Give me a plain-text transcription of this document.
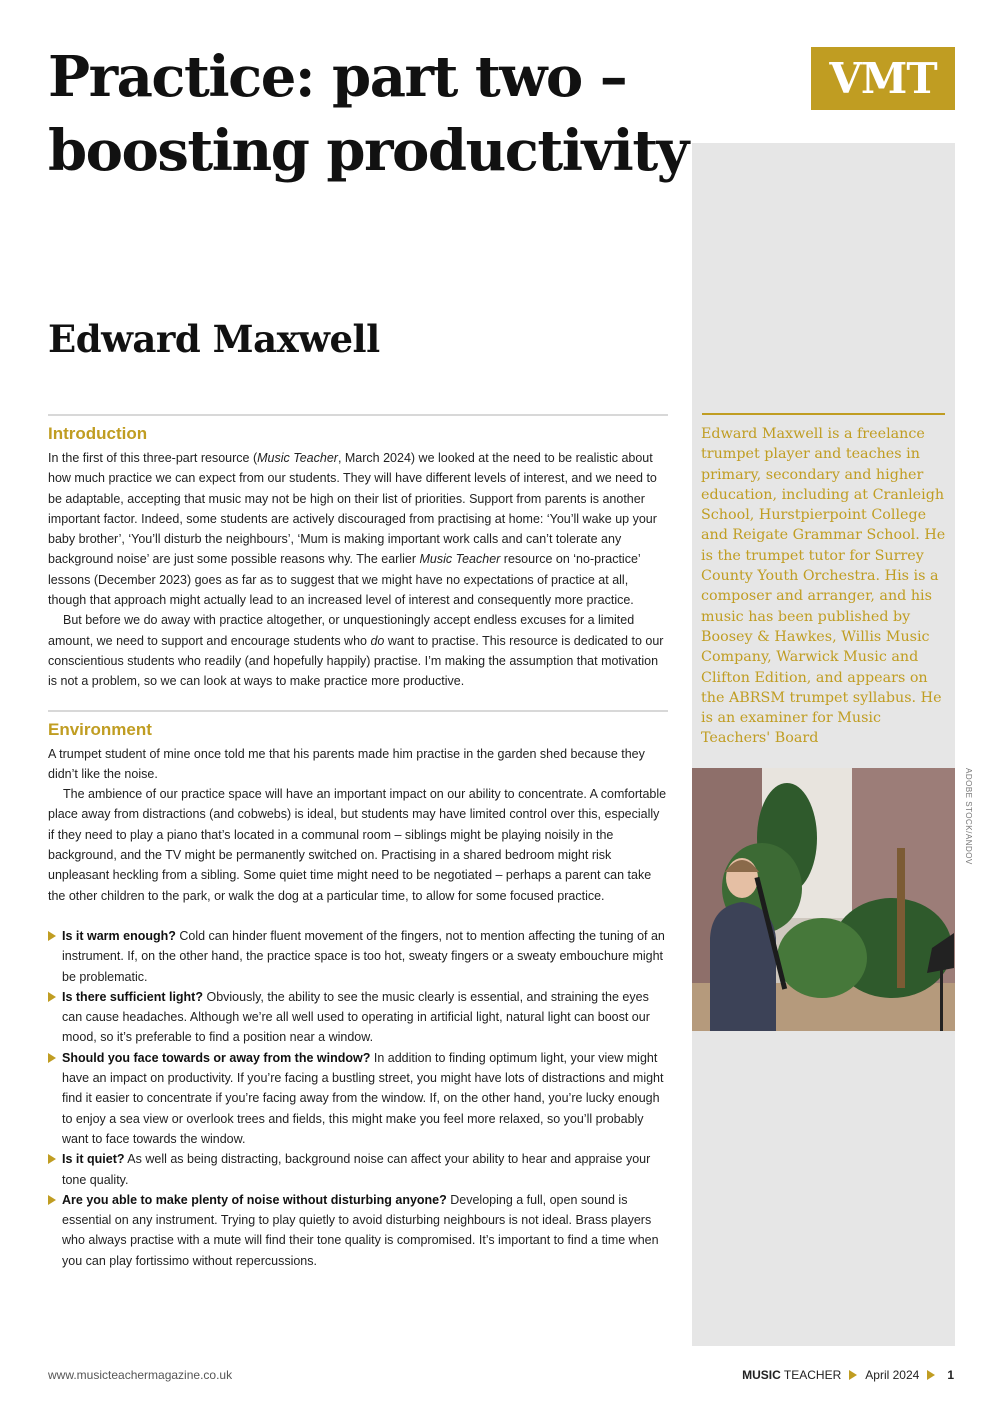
Practice: part two – boosting productivity
Edward Maxwell
VMT

Edward Maxwell is a freelance trumpet player and teaches in primary, secondary and higher education, including at Cranleigh School, Hurstpierpoint College and Reigate Grammar School. He is the trumpet tutor for Surrey County Youth Orchestra. His is a composer and arranger, and his music has been published by Boosey & Hawkes, Willis Music Company, Warwick Music and Clifton Edition, and appears on the ABRSM trumpet syllabus. He is an examiner for Music Teachers' Board

ADOBE STOCK/ANDOV
Introduction

In the first of this three-part resource (Music Teacher, March 2024) we looked at the need to be realistic about how much practice we can expect from our students. They will have different levels of interest, and we need to be adaptable, accepting that music may not be high on their list of priorities. Support from parents is another important factor. Indeed, some students are actively discouraged from practising at home: ‘You’ll wake up your baby brother’, ‘You’ll disturb the neighbours’, ‘Mum is making important work calls and can’t tolerate any background noise’ are just some possible reasons why. The earlier Music Teacher resource on ‘no-practice’ lessons (December 2023) goes as far as to suggest that we might have no expectations of practice at all, though that approach might actually lead to an increased level of interest and consequently more practice.

But before we do away with practice altogether, or unquestioningly accept endless excuses for a limited amount, we need to support and encourage students who do want to practise. This resource is dedicated to our conscientious students who readily (and hopefully happily) practise. I’m making the assumption that motivation is not a problem, so we can look at ways to make practice more productive.

Environment

A trumpet student of mine once told me that his parents made him practise in the garden shed because they didn’t like the noise.

The ambience of our practice space will have an important impact on our ability to concentrate. A comfortable place away from distractions (and cobwebs) is ideal, but students may have limited control over this, especially if they need to play a piano that’s located in a communal room – siblings might be playing noisily in the background, and the TV might be permanently switched on. Practising in a shared bedroom might risk unpleasant heckling from a sibling. Some quiet time might need to be negotiated – perhaps a parent can take the other children to the park, or walk the dog at a particular time, to allow for some focused practice.

Is it warm enough? Cold can hinder fluent movement of the fingers, not to mention affecting the tuning of an instrument. If, on the other hand, the practice space is too hot, sweaty fingers or a sweaty embouchure might be problematic.
Is there sufficient light? Obviously, the ability to see the music clearly is essential, and straining the eyes can cause headaches. Although we’re all well used to operating in artificial light, natural light can boost our mood, so it’s preferable to find a position near a window.
Should you face towards or away from the window? In addition to finding optimum light, your view might have an impact on productivity. If you’re facing a bustling street, you might have lots of distractions and might find it easier to concentrate if you’re facing away from the window. If, on the other hand, you’re lucky enough to enjoy a sea view or overlook trees and fields, this might make you feel more relaxed, so you’ll probably want to face towards the window.
Is it quiet? As well as being distracting, background noise can affect your ability to hear and appraise your tone quality.
Are you able to make plenty of noise without disturbing anyone? Developing a full, open sound is essential on any instrument. Trying to play quietly to avoid disturbing neighbours is not ideal. Brass players who always practise with a mute will find their tone quality is compromised. It’s important to find a time when you can play fortissimo without repercussions.
www.musicteachermagazine.co.uk	MUSIC TEACHER April 2024 1
